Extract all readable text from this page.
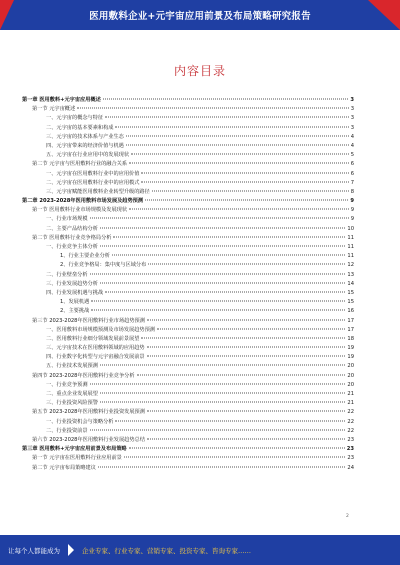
医用敷料企业+元宇宙应用前景及布局策略研究报告
内容目录
第一章 医用敷料+元宇宙应用概述	3
第一节 元宇宙概述	3
一、元宇宙的概念与特征	3
二、元宇宙的基本要素和构成	3
三、元宇宙的技术体系与产业生态	4
四、元宇宙带来的经济价值与机遇	4
五、元宇宙在行业应用中的发展现状	5
第二节 元宇宙与医用敷料行业的融合关系	6
一、元宇宙在医用敷料行业中的应用价值	6
二、元宇宙在医用敷料行业中的应用模式	7
三、元宇宙赋能医用敷料企业转型升级的路径	8
第二章 2023-2028年医用敷料市场发展及趋势预测	9
第一节 医用敷料行业市场规模及发展现状	9
一、行业市场规模	9
二、主要产品结构分析	10
第二节 医用敷料行业竞争格局分析	11
一、行业竞争主体分析	11
1、行业主要企业分析	11
2、行业竞争格局：集中度与区域分布	12
二、行业壁垒分析	13
三、行业发展趋势分析	14
四、行业发展机遇与挑战	15
1、发展机遇	15
2、主要挑战	16
第三节 2023-2028年医用敷料行业市场趋势预测	17
一、医用敷料市场规模预测及市场发展趋势预测	17
二、医用敷料行业细分领域发展前景展望	18
三、元宇宙技术在医用敷料领域的应用趋势	19
四、行业数字化转型与元宇宙融合发展前景	19
五、行业技术发展预测	20
第四节 2023-2028年医用敷料行业竞争分析	20
一、行业竞争预测	20
二、重点企业发展展望	21
三、行业投资风险预警	21
第五节 2023-2028年医用敷料行业投资发展预测	22
一、行业投资机会与策略分析	22
二、行业投资前景	22
第六节 2023-2028年医用敷料行业发展趋势总结	23
第三章 医用敷料+元宇宙应用前景及布局策略	23
第一节 元宇宙在医用敷料行业应用前景	23
第二节 元宇宙布局策略建议	24
2
让每个人都能成为	企业专家、行业专家、营销专家、投资专家、咨询专家……
